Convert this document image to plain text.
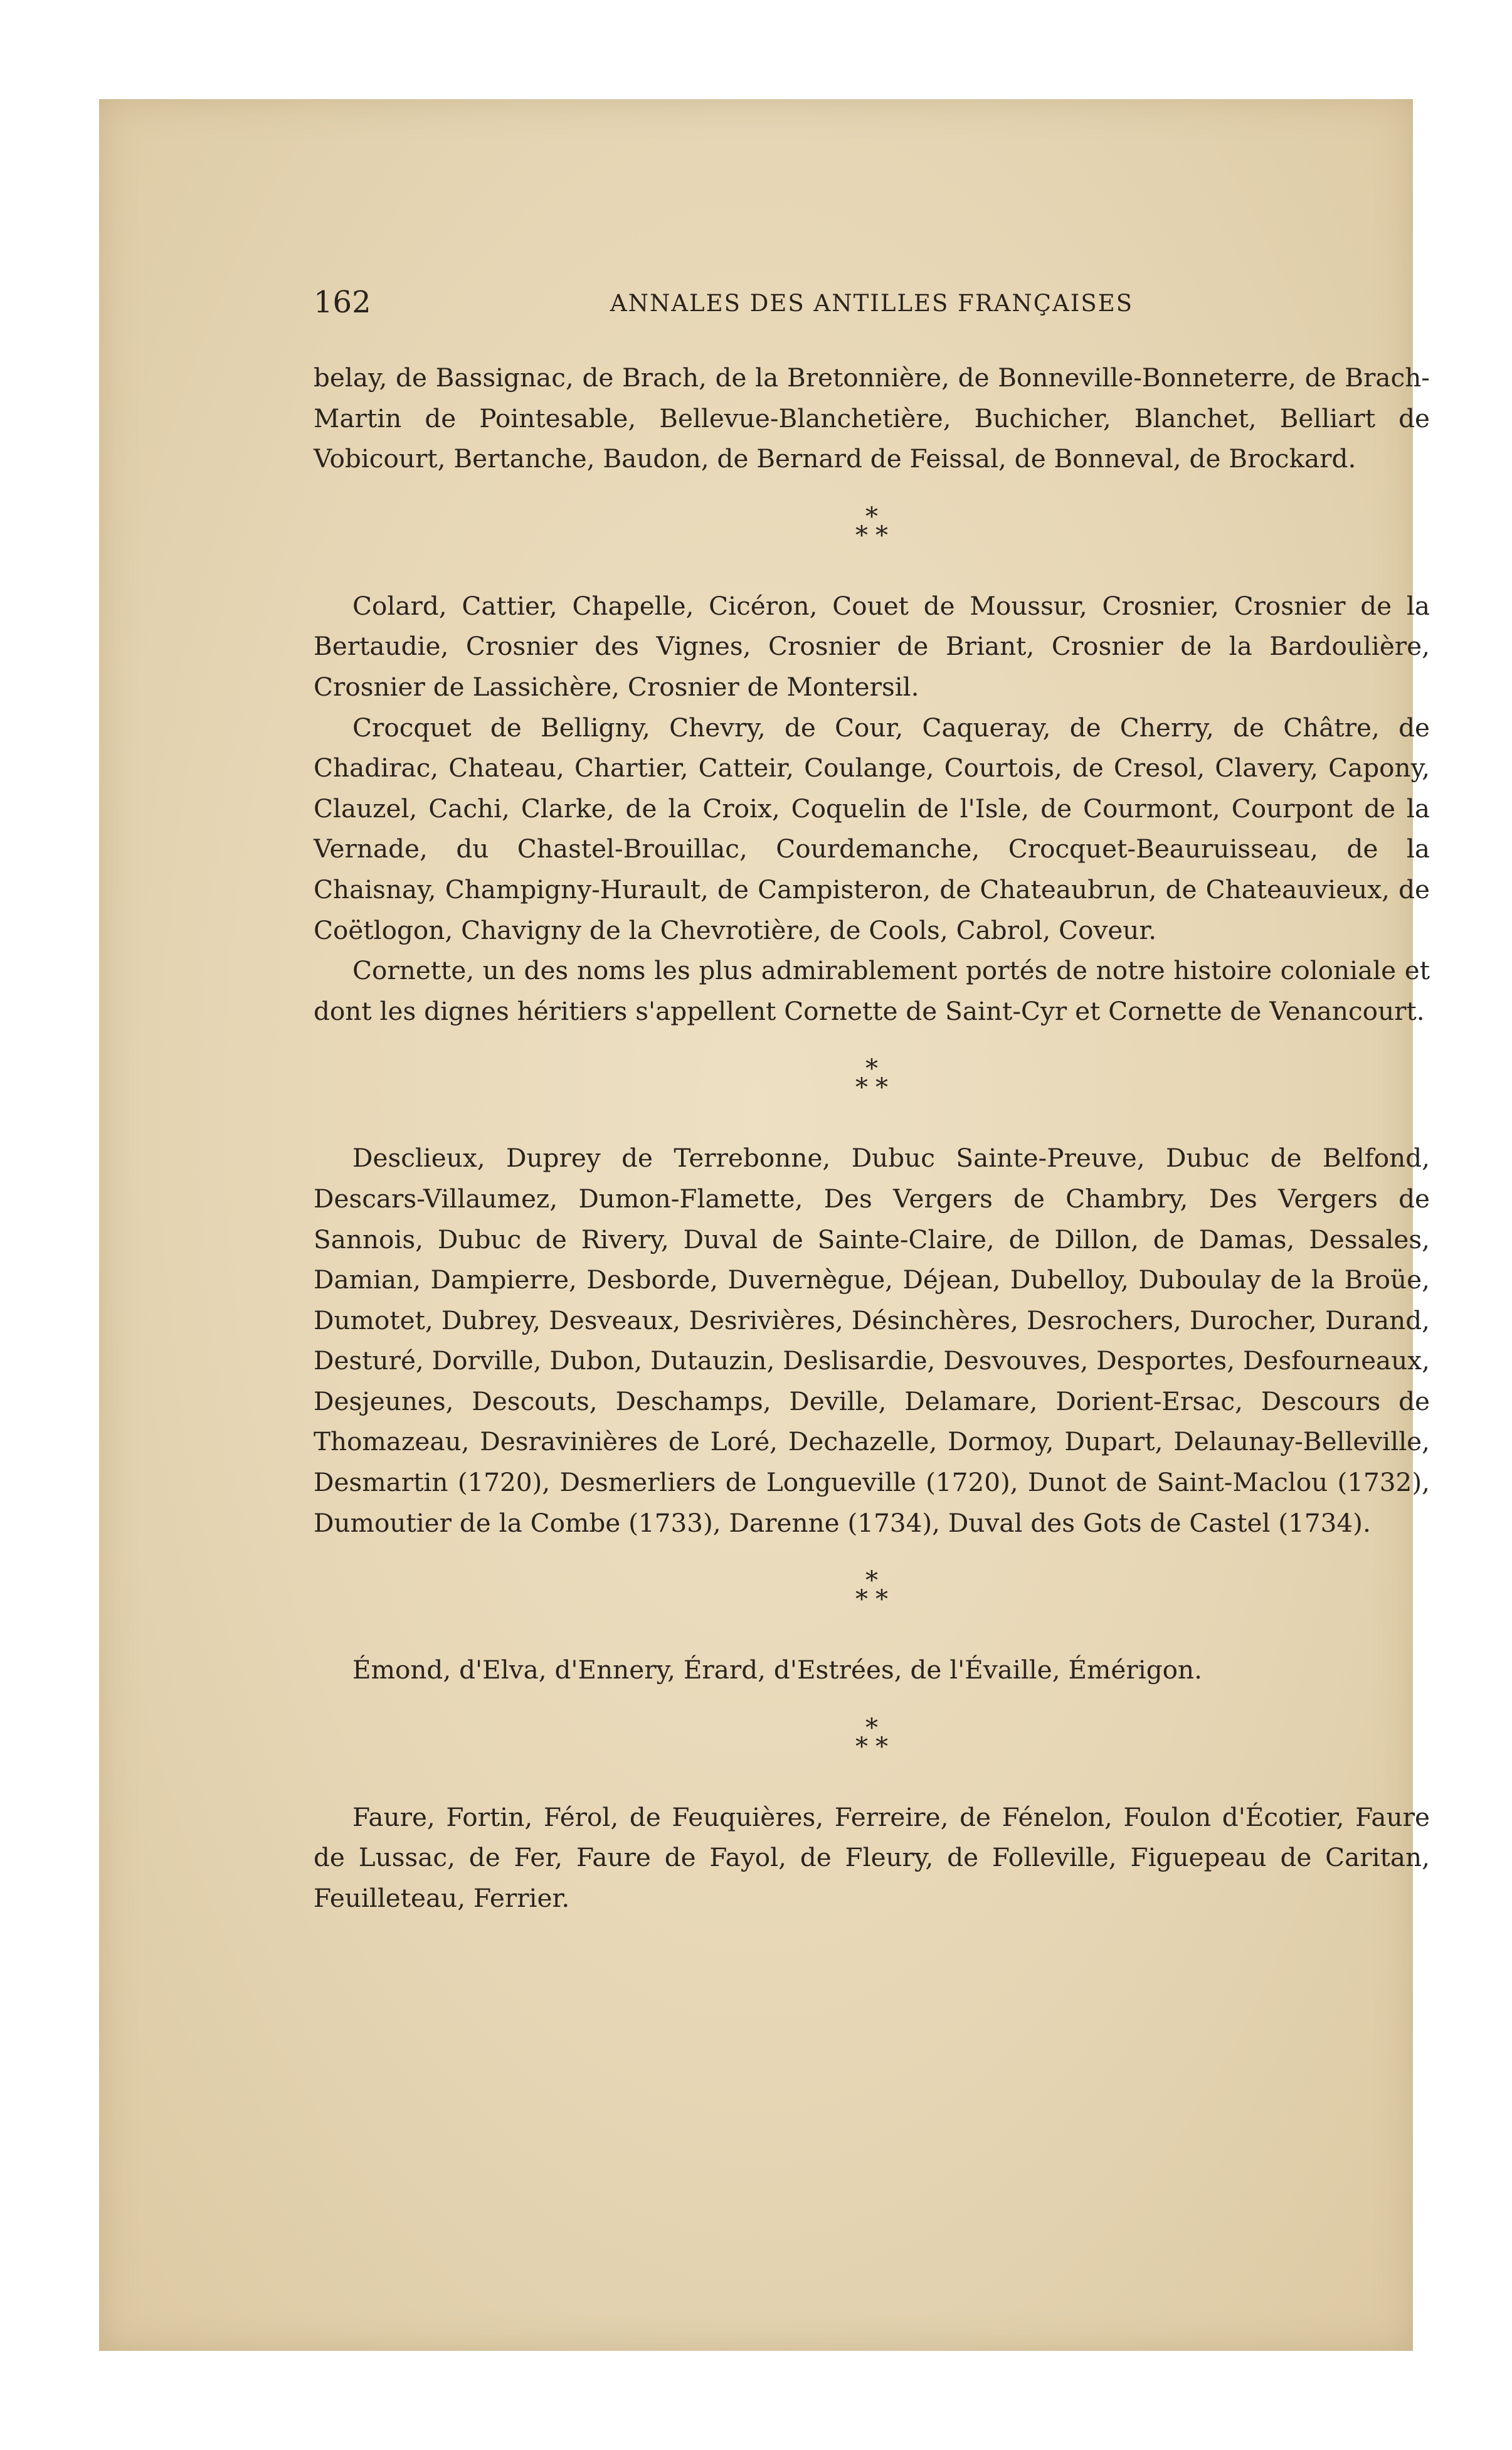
162	ANNALES DES ANTILLES FRANÇAISES

belay, de Bassignac, de Brach, de la Bretonnière, de Bonneville-Bonneterre, de Brach-Martin de Pointesable, Bellevue-Blanchetière, Buchicher, Blanchet, Belliart de Vobicourt, Bertanche, Baudon, de Bernard de Feissal, de Bonneval, de Brockard.

*
* *

Colard, Cattier, Chapelle, Cicéron, Couet de Moussur, Crosnier, Crosnier de la Bertaudie, Crosnier des Vignes, Crosnier de Briant, Crosnier de la Bardoulière, Crosnier de Lassichère, Crosnier de Montersil.

Crocquet de Belligny, Chevry, de Cour, Caqueray, de Cherry, de Châtre, de Chadirac, Chateau, Chartier, Catteir, Coulange, Courtois, de Cresol, Clavery, Capony, Clauzel, Cachi, Clarke, de la Croix, Coquelin de l'Isle, de Courmont, Courpont de la Vernade, du Chastel-Brouillac, Courdemanche, Crocquet-Beauruisseau, de la Chaisnay, Champigny-Hurault, de Campisteron, de Chateaubrun, de Chateauvieux, de Coëtlogon, Chavigny de la Chevrotière, de Cools, Cabrol, Coveur.

Cornette, un des noms les plus admirablement portés de notre histoire coloniale et dont les dignes héritiers s'appellent Cornette de Saint-Cyr et Cornette de Venancourt.

*
* *

Desclieux, Duprey de Terrebonne, Dubuc Sainte-Preuve, Dubuc de Belfond, Descars-Villaumez, Dumon-Flamette, Des Vergers de Chambry, Des Vergers de Sannois, Dubuc de Rivery, Duval de Sainte-Claire, de Dillon, de Damas, Dessales, Damian, Dampierre, Desborde, Duvernègue, Déjean, Dubelloy, Duboulay de la Broüe, Dumotet, Dubrey, Desveaux, Desrivières, Désinchères, Desrochers, Durocher, Durand, Desturé, Dorville, Dubon, Dutauzin, Deslisardie, Desvouves, Desportes, Desfourneaux, Desjeunes, Descouts, Deschamps, Deville, Delamare, Dorient-Ersac, Descours de Thomazeau, Desravinières de Loré, Dechazelle, Dormoy, Dupart, Delaunay-Belleville, Desmartin (1720), Desmerliers de Longueville (1720), Dunot de Saint-Maclou (1732), Dumoutier de la Combe (1733), Darenne (1734), Duval des Gots de Castel (1734).

*
* *

Émond, d'Elva, d'Ennery, Érard, d'Estrées, de l'Évaille, Émérigon.

*
* *

Faure, Fortin, Férol, de Feuquières, Ferreire, de Fénelon, Foulon d'Écotier, Faure de Lussac, de Fer, Faure de Fayol, de Fleury, de Folleville, Figuepeau de Caritan, Feuilleteau, Ferrier.
